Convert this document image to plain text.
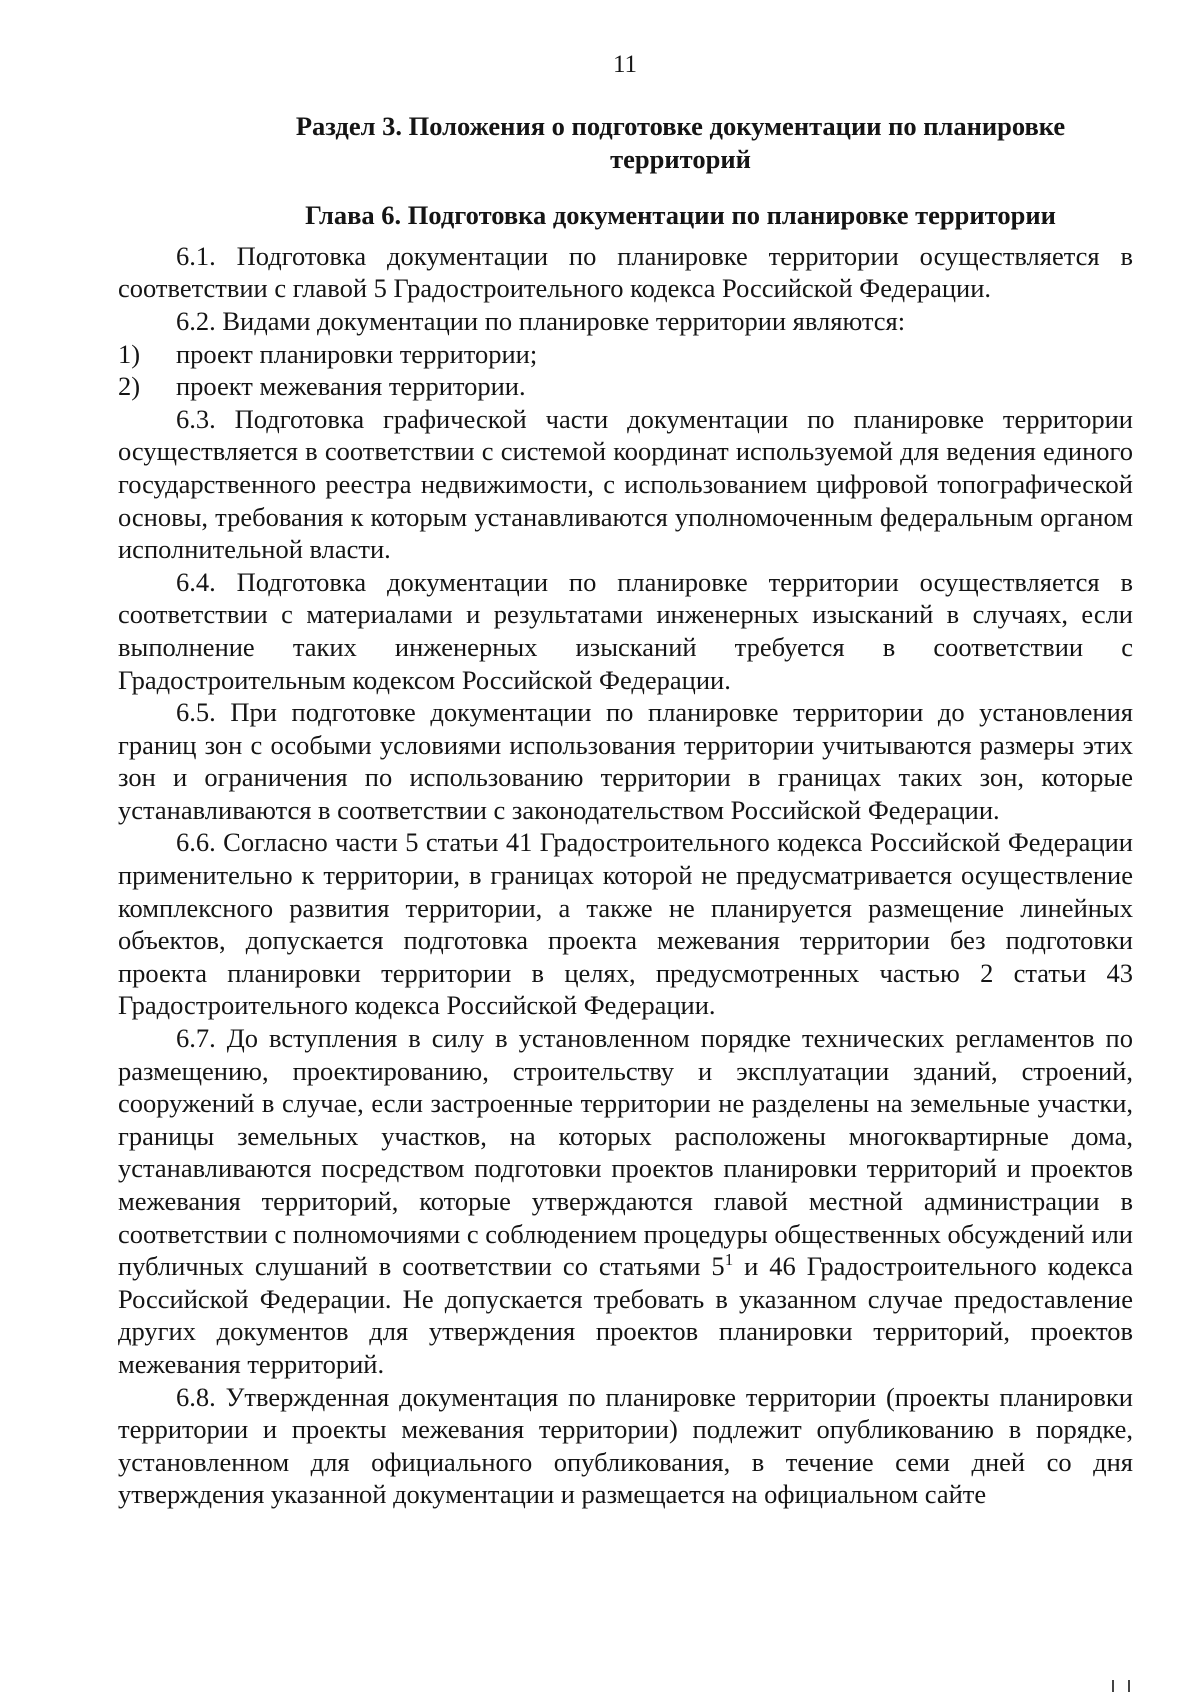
11
Раздел 3. Положения о подготовке документации по планировке территорий
Глава 6. Подготовка документации по планировке территории

6.1. Подготовка документации по планировке территории осуществляется в соответствии с главой 5 Градостроительного кодекса Российской Федерации.

6.2. Видами документации по планировке территории являются:

1)	проект планировки территории;
2)	проект межевания территории.

6.3. Подготовка графической части документации по планировке территории осуществляется в соответствии с системой координат используемой для ведения единого государственного реестра недвижимости, с использованием цифровой топографической основы, требования к которым устанавливаются уполномоченным федеральным органом исполнительной власти.

6.4. Подготовка документации по планировке территории осуществляется в соответствии с материалами и результатами инженерных изысканий в случаях, если выполнение таких инженерных изысканий требуется в соответствии с Градостроительным кодексом Российской Федерации.

6.5. При подготовке документации по планировке территории до установления границ зон с особыми условиями использования территории учитываются размеры этих зон и ограничения по использованию территории в границах таких зон, которые устанавливаются в соответствии с законодательством Российской Федерации.

6.6. Согласно части 5 статьи 41 Градостроительного кодекса Российской Федерации применительно к территории, в границах которой не предусматривается осуществление комплексного развития территории, а также не планируется размещение линейных объектов, допускается подготовка проекта межевания территории без подготовки проекта планировки территории в целях, предусмотренных частью 2 статьи 43 Градостроительного кодекса Российской Федерации.

6.7. До вступления в силу в установленном порядке технических регламентов по размещению, проектированию, строительству и эксплуатации зданий, строений, сооружений в случае, если застроенные территории не разделены на земельные участки, границы земельных участков, на которых расположены многоквартирные дома, устанавливаются посредством подготовки проектов планировки территорий и проектов межевания территорий, которые утверждаются главой местной администрации в соответствии с полномочиями с соблюдением процедуры общественных обсуждений или публичных слушаний в соответствии со статьями $5^1$ и 46 Градостроительного кодекса Российской Федерации. Не допускается требовать в указанном случае предоставление других документов для утверждения проектов планировки территорий, проектов межевания территорий.

6.8. Утвержденная документация по планировке территории (проекты планировки территории и проекты межевания территории) подлежит опубликованию в порядке, установленном для официального опубликования, в течение семи дней со дня утверждения указанной документации и размещается на официальном сайте
